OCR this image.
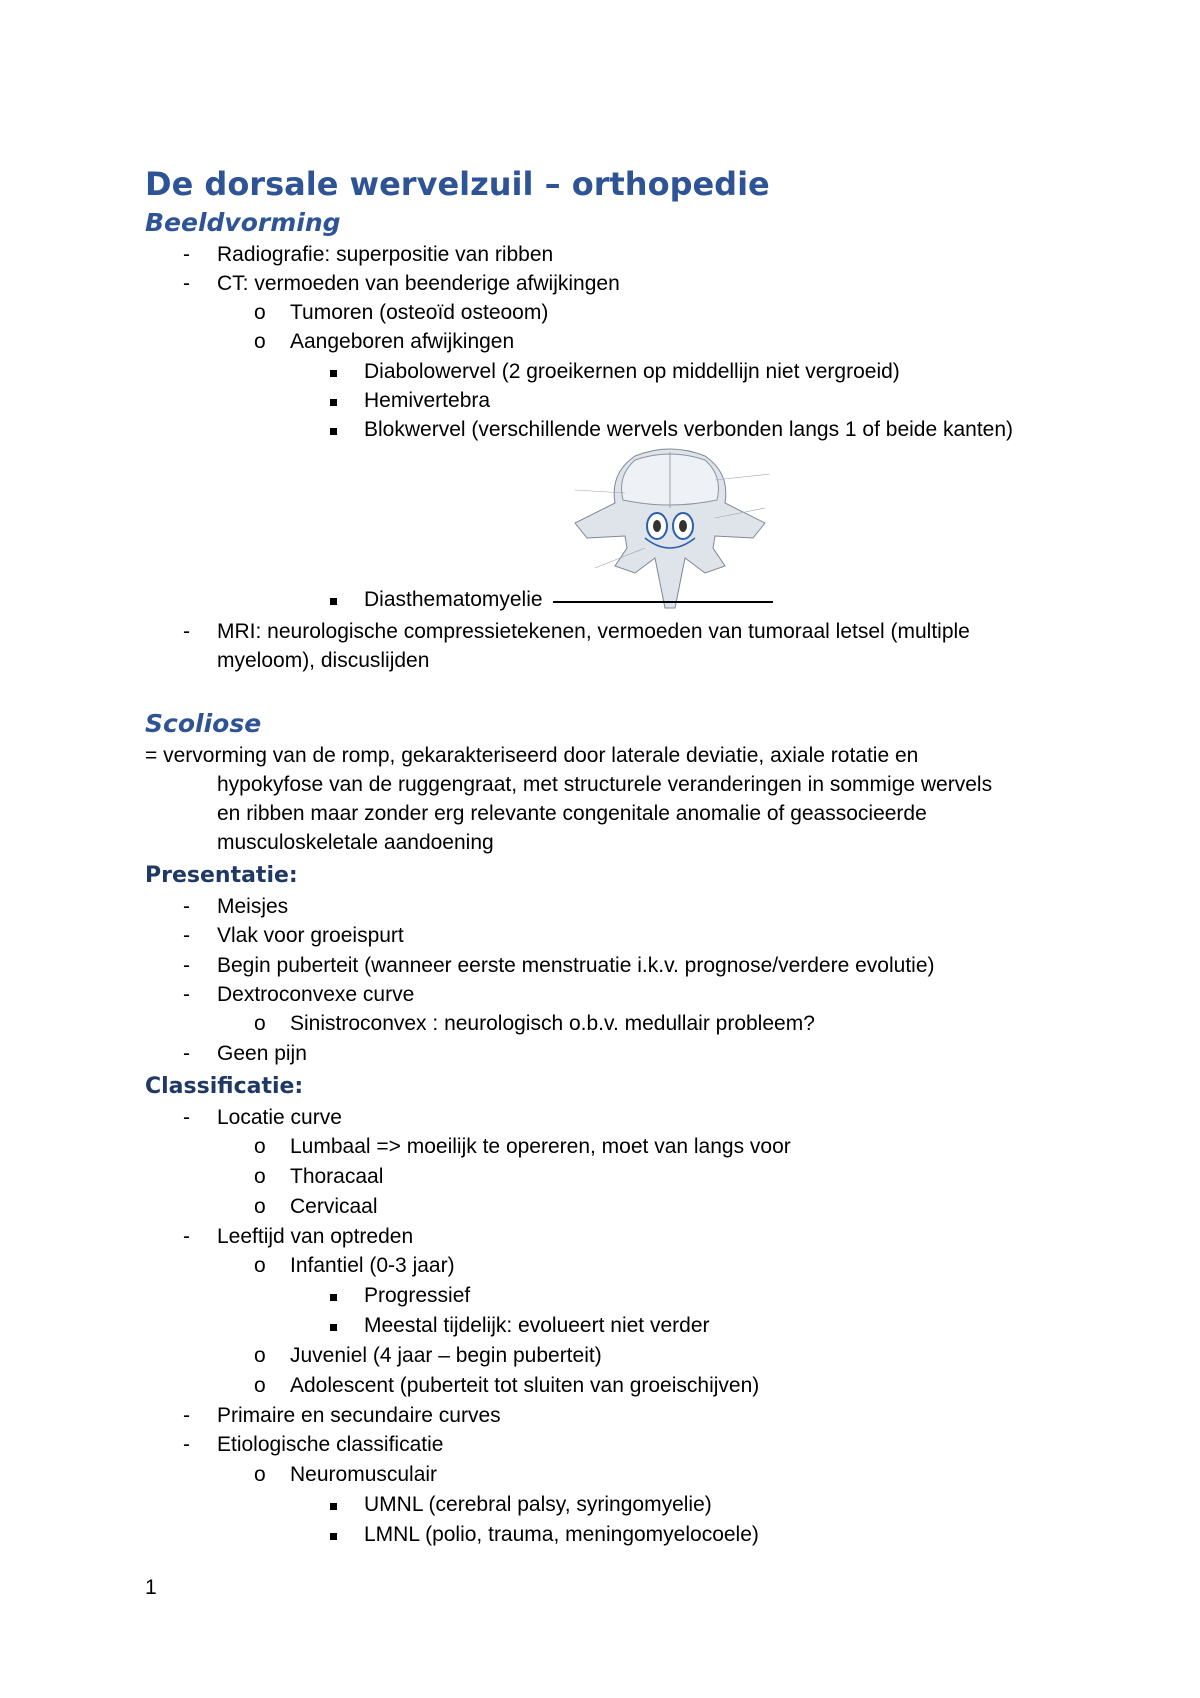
De dorsale wervelzuil – orthopedie
Beeldvorming
- Radiografie: superpositie van ribben
- CT: vermoeden van beenderige afwijkingen
o Tumoren (osteoïd osteoom)
o Aangeboren afwijkingen
Diabolowervel (2 groeikernen op middellijn niet vergroeid)
Hemivertebra
Blokwervel (verschillende wervels verbonden langs 1 of beide kanten)
Diasthematomyelie
- MRI: neurologische compressietekenen, vermoeden van tumoraal letsel (multiple
myeloom), discuslijden
Scoliose
= vervorming van de romp, gekarakteriseerd door laterale deviatie, axiale rotatie en
hypokyfose van de ruggengraat, met structurele veranderingen in sommige wervels
en ribben maar zonder erg relevante congenitale anomalie of geassocieerde
musculoskeletale aandoening
Presentatie:
- Meisjes
- Vlak voor groeispurt
- Begin puberteit (wanneer eerste menstruatie i.k.v. prognose/verdere evolutie)
- Dextroconvexe curve
o Sinistroconvex : neurologisch o.b.v. medullair probleem?
- Geen pijn
Classificatie:
- Locatie curve
o Lumbaal => moeilijk te opereren, moet van langs voor
o Thoracaal
o Cervicaal
- Leeftijd van optreden
o Infantiel (0-3 jaar)
Progressief
Meestal tijdelijk: evolueert niet verder
o Juveniel (4 jaar – begin puberteit)
o Adolescent (puberteit tot sluiten van groeischijven)
- Primaire en secundaire curves
- Etiologische classificatie
o Neuromusculair
UMNL (cerebral palsy, syringomyelie)
LMNL (polio, trauma, meningomyelocoele)
1
